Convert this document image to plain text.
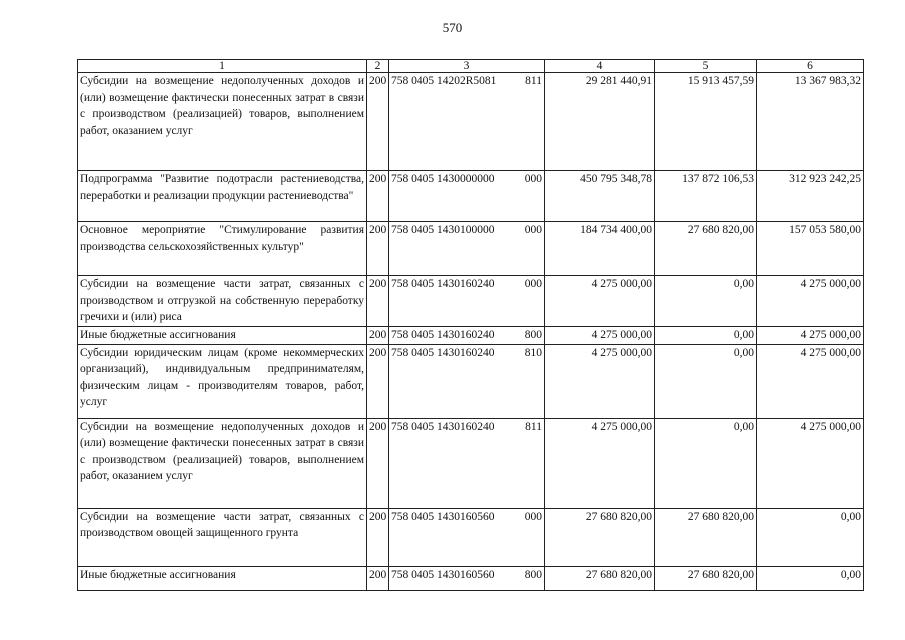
570
1	2	3	4	5	6
Субсидии на возмещение недополученных доходов и (или) возмещение фактически понесенных затрат в связи с производством (реализацией) товаров, выполнением работ, оказанием услуг	200	758 0405 14202R5081 811	29 281 440,91	15 913 457,59	13 367 983,32
Подпрограмма "Развитие подотрасли растениеводства, переработки и реализации продукции растениеводства"	200	758 0405 1430000000 000	450 795 348,78	137 872 106,53	312 923 242,25
Основное мероприятие "Стимулирование развития производства сельскохозяйственных культур"	200	758 0405 1430100000 000	184 734 400,00	27 680 820,00	157 053 580,00
Субсидии на возмещение части затрат, связанных с производством и отгрузкой на собственную переработку гречихи и (или) риса	200	758 0405 1430160240 000	4 275 000,00	0,00	4 275 000,00
Иные бюджетные ассигнования	200	758 0405 1430160240 800	4 275 000,00	0,00	4 275 000,00
Субсидии юридическим лицам (кроме некоммерческих организаций), индивидуальным предпринимателям, физическим лицам - производителям товаров, работ, услуг	200	758 0405 1430160240 810	4 275 000,00	0,00	4 275 000,00
Субсидии на возмещение недополученных доходов и (или) возмещение фактически понесенных затрат в связи с производством (реализацией) товаров, выполнением работ, оказанием услуг	200	758 0405 1430160240 811	4 275 000,00	0,00	4 275 000,00
Субсидии на возмещение части затрат, связанных с производством овощей защищенного грунта	200	758 0405 1430160560 000	27 680 820,00	27 680 820,00	0,00
Иные бюджетные ассигнования	200	758 0405 1430160560 800	27 680 820,00	27 680 820,00	0,00
